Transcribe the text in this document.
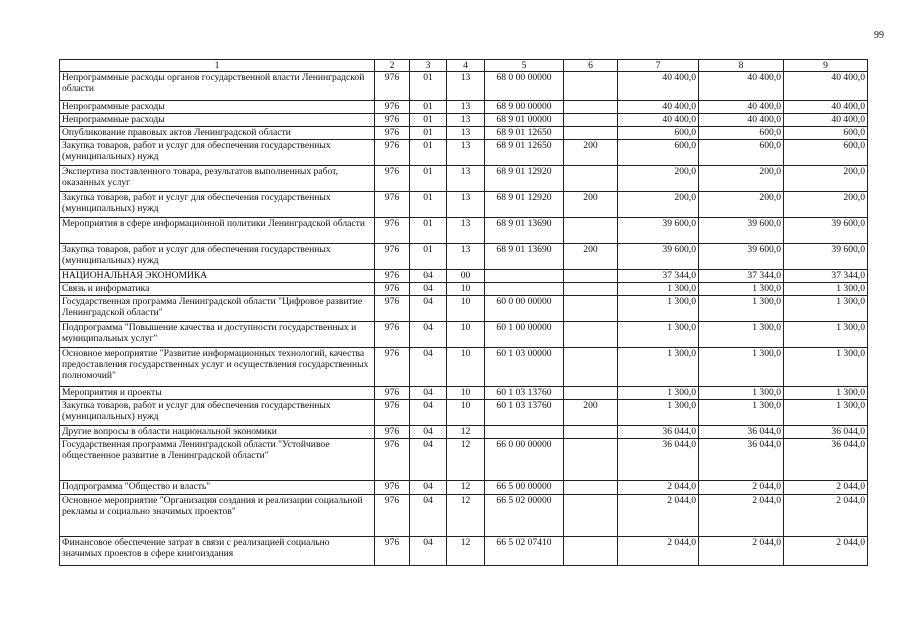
99
1	2	3	4	5	6	7	8	9
Непрограммные расходы органов государственной власти Ленинградской области	976	01	13	68 0 00 00000		40 400,0	40 400,0	40 400,0
Непрограммные расходы	976	01	13	68 9 00 00000		40 400,0	40 400,0	40 400,0
Непрограммные расходы	976	01	13	68 9 01 00000		40 400,0	40 400,0	40 400,0
Опубликование правовых актов Ленинградской области	976	01	13	68 9 01 12650		600,0	600,0	600,0
Закупка товаров, работ и услуг для обеспечения государственных (муниципальных) нужд	976	01	13	68 9 01 12650	200	600,0	600,0	600,0
Экспертиза поставленного товара, результатов выполненных работ, оказанных услуг	976	01	13	68 9 01 12920		200,0	200,0	200,0
Закупка товаров, работ и услуг для обеспечения государственных (муниципальных) нужд	976	01	13	68 9 01 12920	200	200,0	200,0	200,0
Мероприятия в сфере информационной политики Ленинградской области	976	01	13	68 9 01 13690		39 600,0	39 600,0	39 600,0
Закупка товаров, работ и услуг для обеспечения государственных (муниципальных) нужд	976	01	13	68 9 01 13690	200	39 600,0	39 600,0	39 600,0
НАЦИОНАЛЬНАЯ ЭКОНОМИКА	976	04	00			37 344,0	37 344,0	37 344,0
Связь и информатика	976	04	10			1 300,0	1 300,0	1 300,0
Государственная программа Ленинградской области "Цифровое развитие Ленинградской области"	976	04	10	60 0 00 00000		1 300,0	1 300,0	1 300,0
Подпрограмма "Повышение качества и доступности государственных и муниципальных услуг"	976	04	10	60 1 00 00000		1 300,0	1 300,0	1 300,0
Основное мероприятие "Развитие информационных технологий, качества предоставления государственных услуг и осуществления государственных полномочий"	976	04	10	60 1 03 00000		1 300,0	1 300,0	1 300,0
Мероприятия и проекты	976	04	10	60 1 03 13760		1 300,0	1 300,0	1 300,0
Закупка товаров, работ и услуг для обеспечения государственных (муниципальных) нужд	976	04	10	60 1 03 13760	200	1 300,0	1 300,0	1 300,0
Другие вопросы в области национальной экономики	976	04	12			36 044,0	36 044,0	36 044,0
Государственная программа Ленинградской области "Устойчивое общественное развитие в Ленинградской области"	976	04	12	66 0 00 00000		36 044,0	36 044,0	36 044,0
Подпрограмма "Общество и власть"	976	04	12	66 5 00 00000		2 044,0	2 044,0	2 044,0
Основное мероприятие "Организация создания и реализации социальной рекламы и социально значимых проектов"	976	04	12	66 5 02 00000		2 044,0	2 044,0	2 044,0
Финансовое обеспечение затрат в связи с реализацией социально значимых проектов в сфере книгоиздания	976	04	12	66 5 02 07410		2 044,0	2 044,0	2 044,0
